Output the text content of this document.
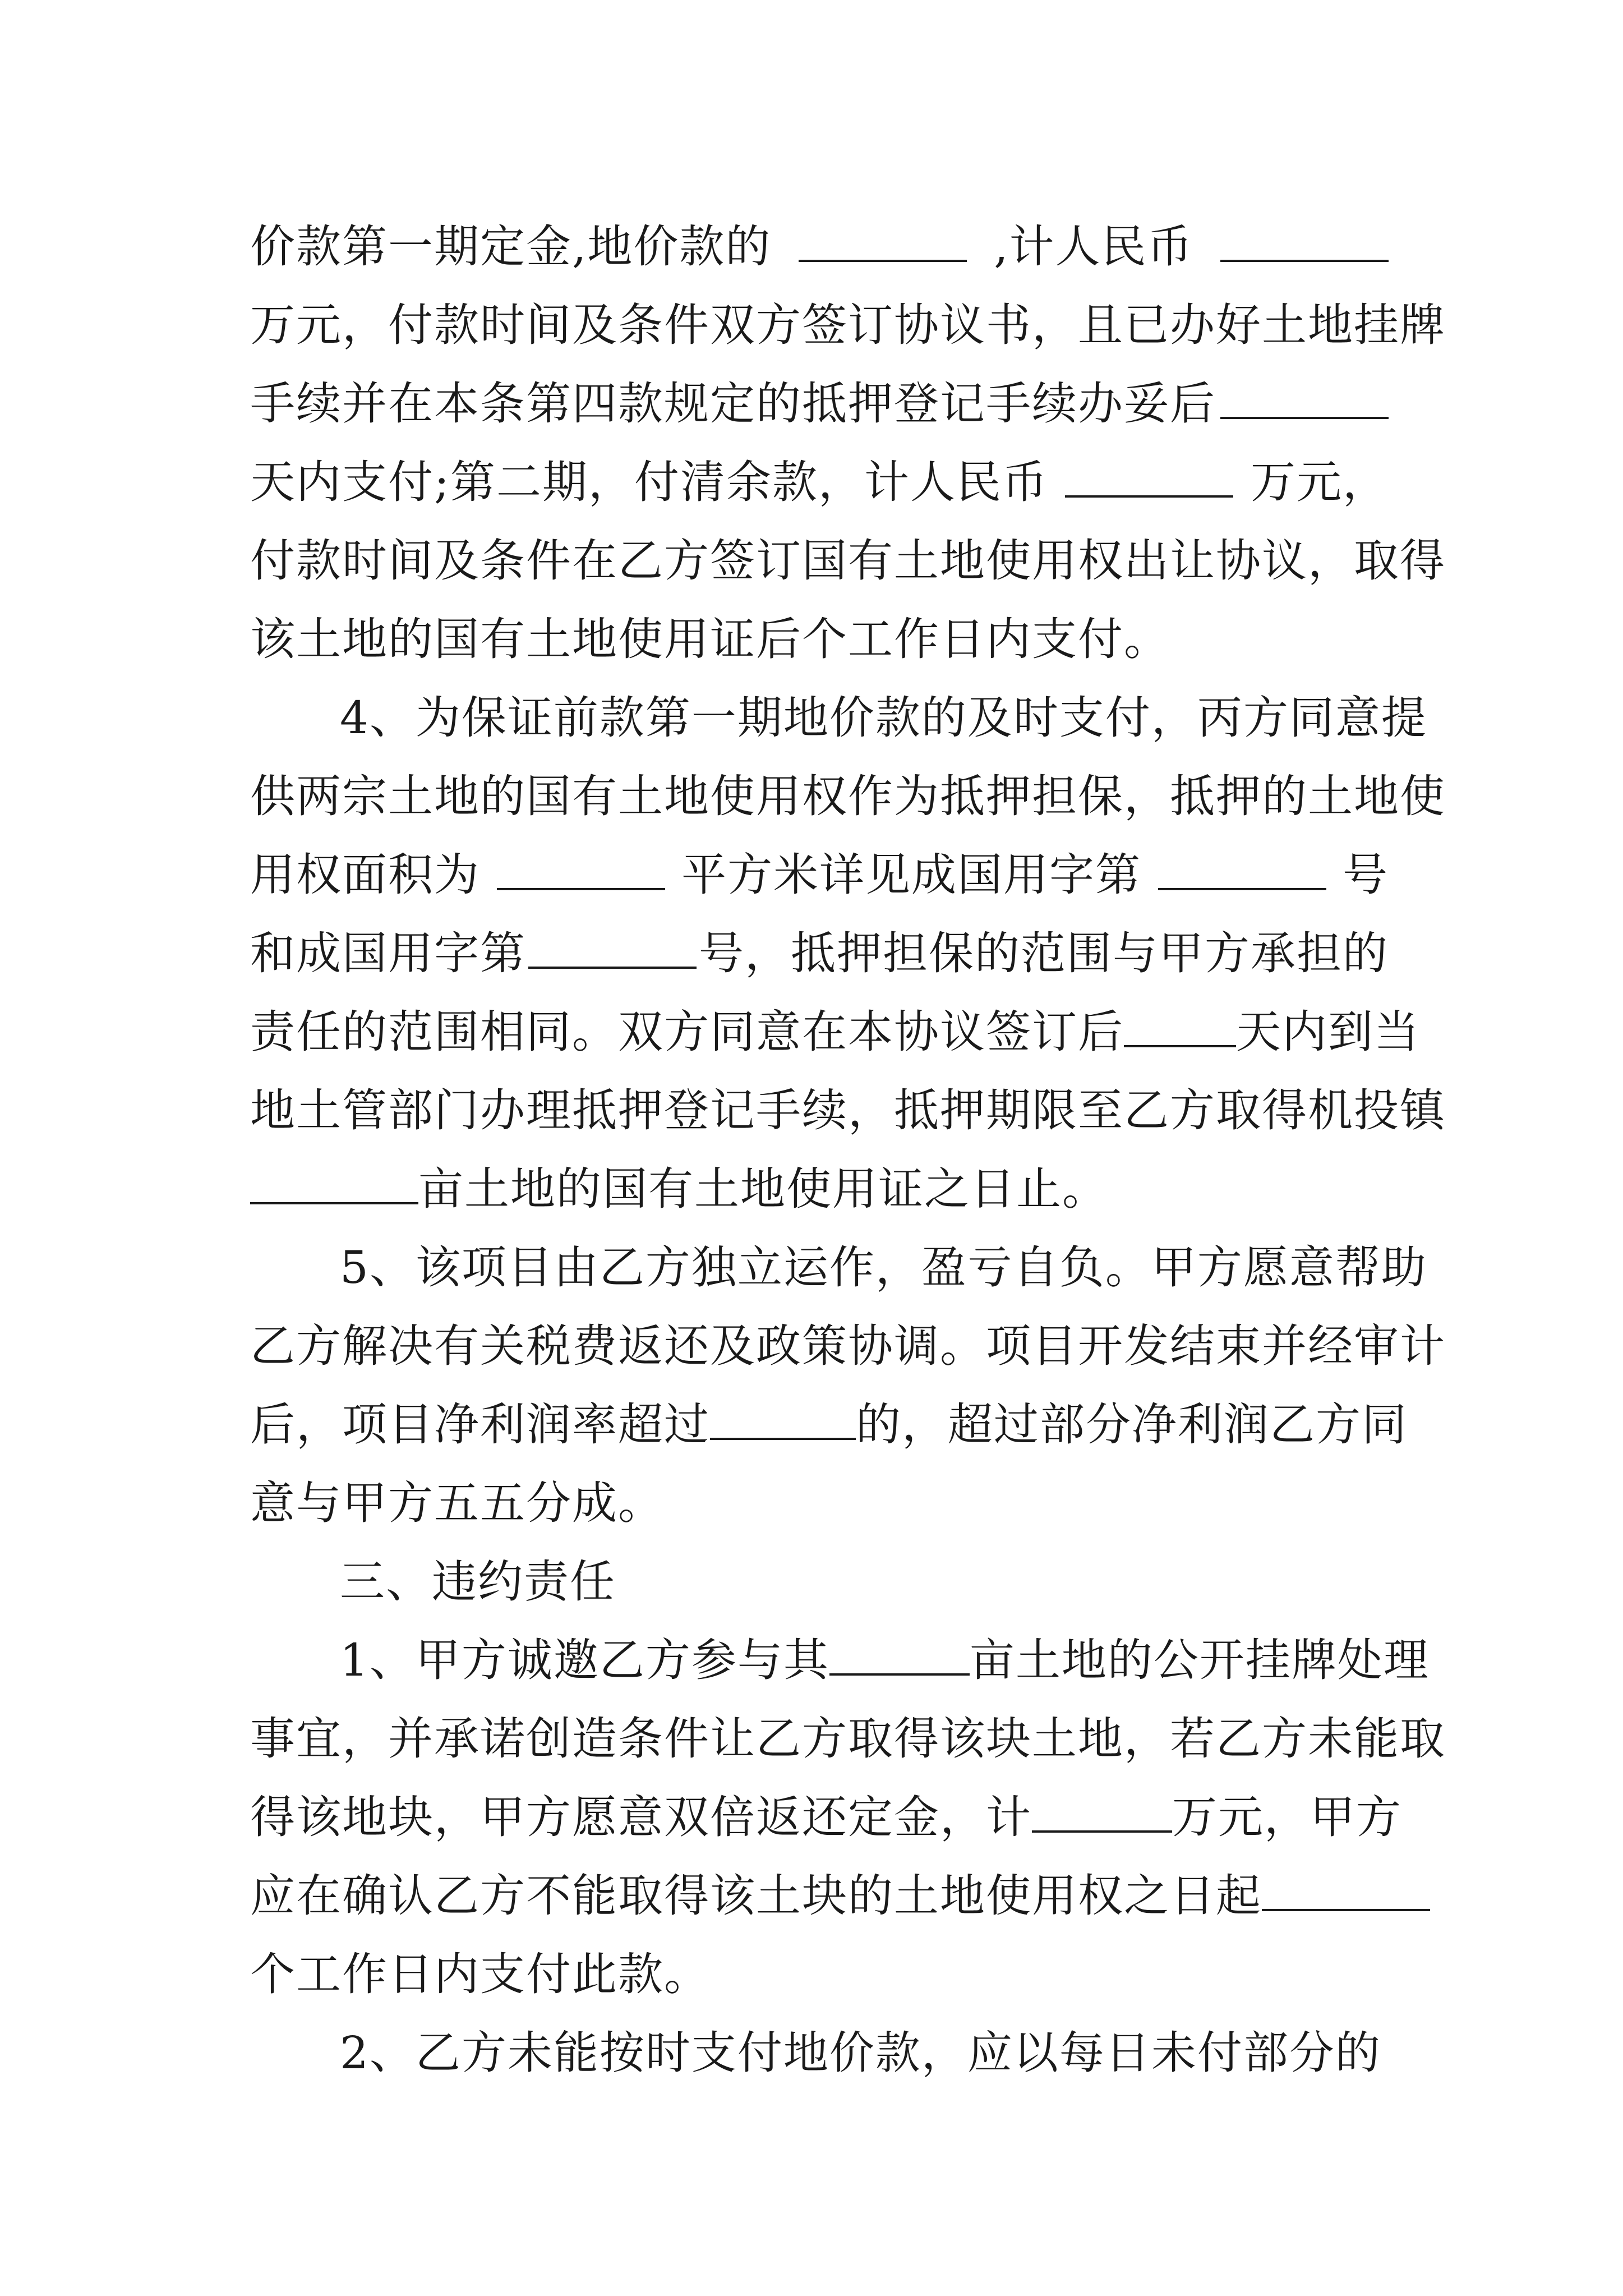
价款第一期定金,地价款的	,计人民币
万元，付款时间及条件双方签订协议书，且已办好土地挂牌
手续并在本条第四款规定的抵押登记手续办妥后
天内支付;第二期，付清余款，计人民币	万元，
付款时间及条件在乙方签订国有土地使用权出让协议，取得
该土地的国有土地使用证后个工作日内支付。
4、为保证前款第一期地价款的及时支付，丙方同意提
供两宗土地的国有土地使用权作为抵押担保，抵押的土地使
用权面积为	平方米详见成国用字第	号
和成国用字第	号，抵押担保的范围与甲方承担的
责任的范围相同。双方同意在本协议签订后	天内到当
地土管部门办理抵押登记手续，抵押期限至乙方取得机投镇
亩土地的国有土地使用证之日止。
5、该项目由乙方独立运作，盈亏自负。甲方愿意帮助
乙方解决有关税费返还及政策协调。项目开发结束并经审计
后，项目净利润率超过	的，超过部分净利润乙方同
意与甲方五五分成。
三、违约责任
1、甲方诚邀乙方参与其	亩土地的公开挂牌处理
事宜，并承诺创造条件让乙方取得该块土地，若乙方未能取
得该地块，甲方愿意双倍返还定金，计	万元，甲方
应在确认乙方不能取得该土块的土地使用权之日起
个工作日内支付此款。
2、乙方未能按时支付地价款，应以每日未付部分的
